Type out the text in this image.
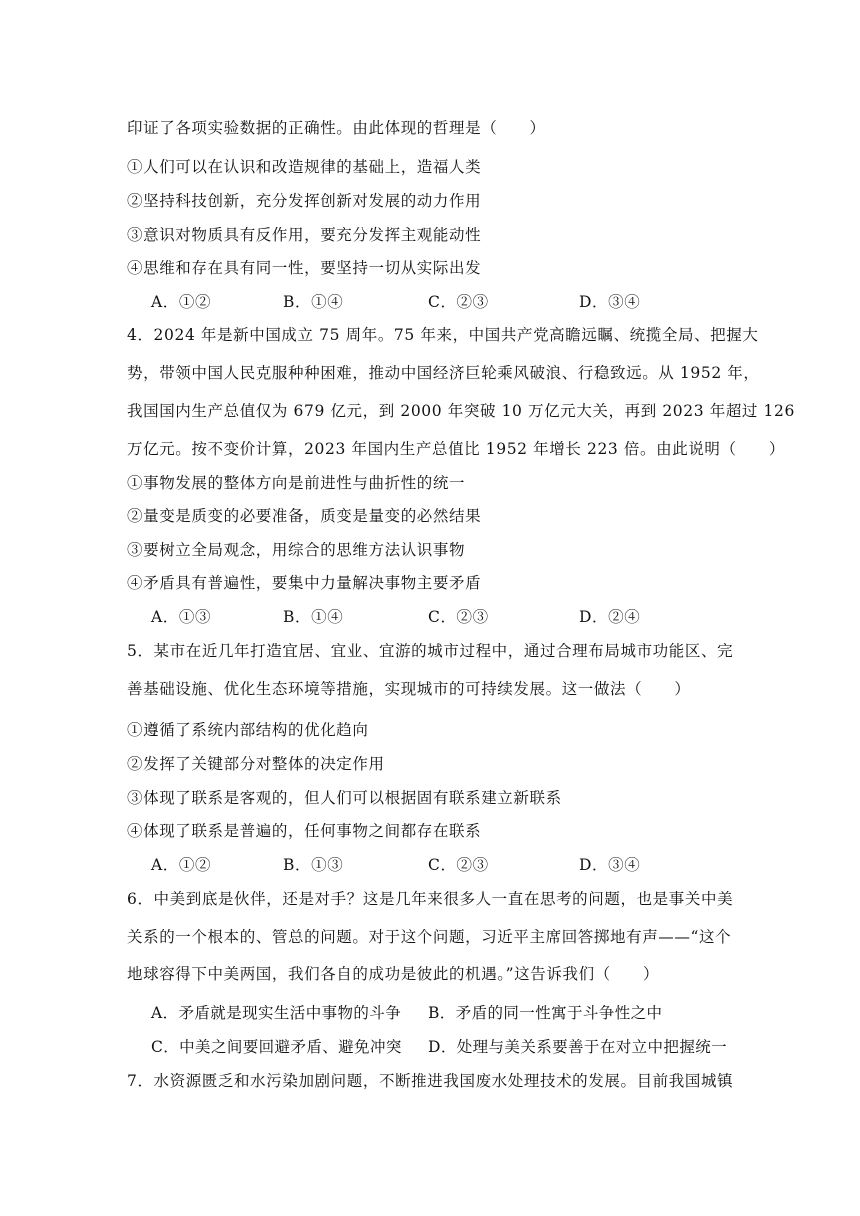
印证了各项实验数据的正确性。由此体现的哲理是（　　）
①人们可以在认识和改造规律的基础上，造福人类
②坚持科技创新，充分发挥创新对发展的动力作用
③意识对物质具有反作用，要充分发挥主观能动性
④思维和存在具有同一性，要坚持一切从实际出发
A．①②	B．①④	C．②③	D．③④
4．2024 年是新中国成立 75 周年。75 年来，中国共产党高瞻远瞩、统揽全局、把握大
势，带领中国人民克服种种困难，推动中国经济巨轮乘风破浪、行稳致远。从 1952 年，
我国国内生产总值仅为 679 亿元，到 2000 年突破 10 万亿元大关，再到 2023 年超过 126
万亿元。按不变价计算，2023 年国内生产总值比 1952 年增长 223 倍。由此说明（　　）
①事物发展的整体方向是前进性与曲折性的统一
②量变是质变的必要准备，质变是量变的必然结果
③要树立全局观念，用综合的思维方法认识事物
④矛盾具有普遍性，要集中力量解决事物主要矛盾
A．①③	B．①④	C．②③	D．②④
5．某市在近几年打造宜居、宜业、宜游的城市过程中，通过合理布局城市功能区、完
善基础设施、优化生态环境等措施，实现城市的可持续发展。这一做法（　　）
①遵循了系统内部结构的优化趋向
②发挥了关键部分对整体的决定作用
③体现了联系是客观的，但人们可以根据固有联系建立新联系
④体现了联系是普遍的，任何事物之间都存在联系
A．①②	B．①③	C．②③	D．③④
6．中美到底是伙伴，还是对手？这是几年来很多人一直在思考的问题，也是事关中美
关系的一个根本的、管总的问题。对于这个问题，习近平主席回答掷地有声——“这个
地球容得下中美两国，我们各自的成功是彼此的机遇。”这告诉我们（　　）
A．矛盾就是现实生活中事物的斗争 B．矛盾的同一性寓于斗争性之中
C．中美之间要回避矛盾、避免冲突 D．处理与美关系要善于在对立中把握统一
7．水资源匮乏和水污染加剧问题，不断推进我国废水处理技术的发展。目前我国城镇
